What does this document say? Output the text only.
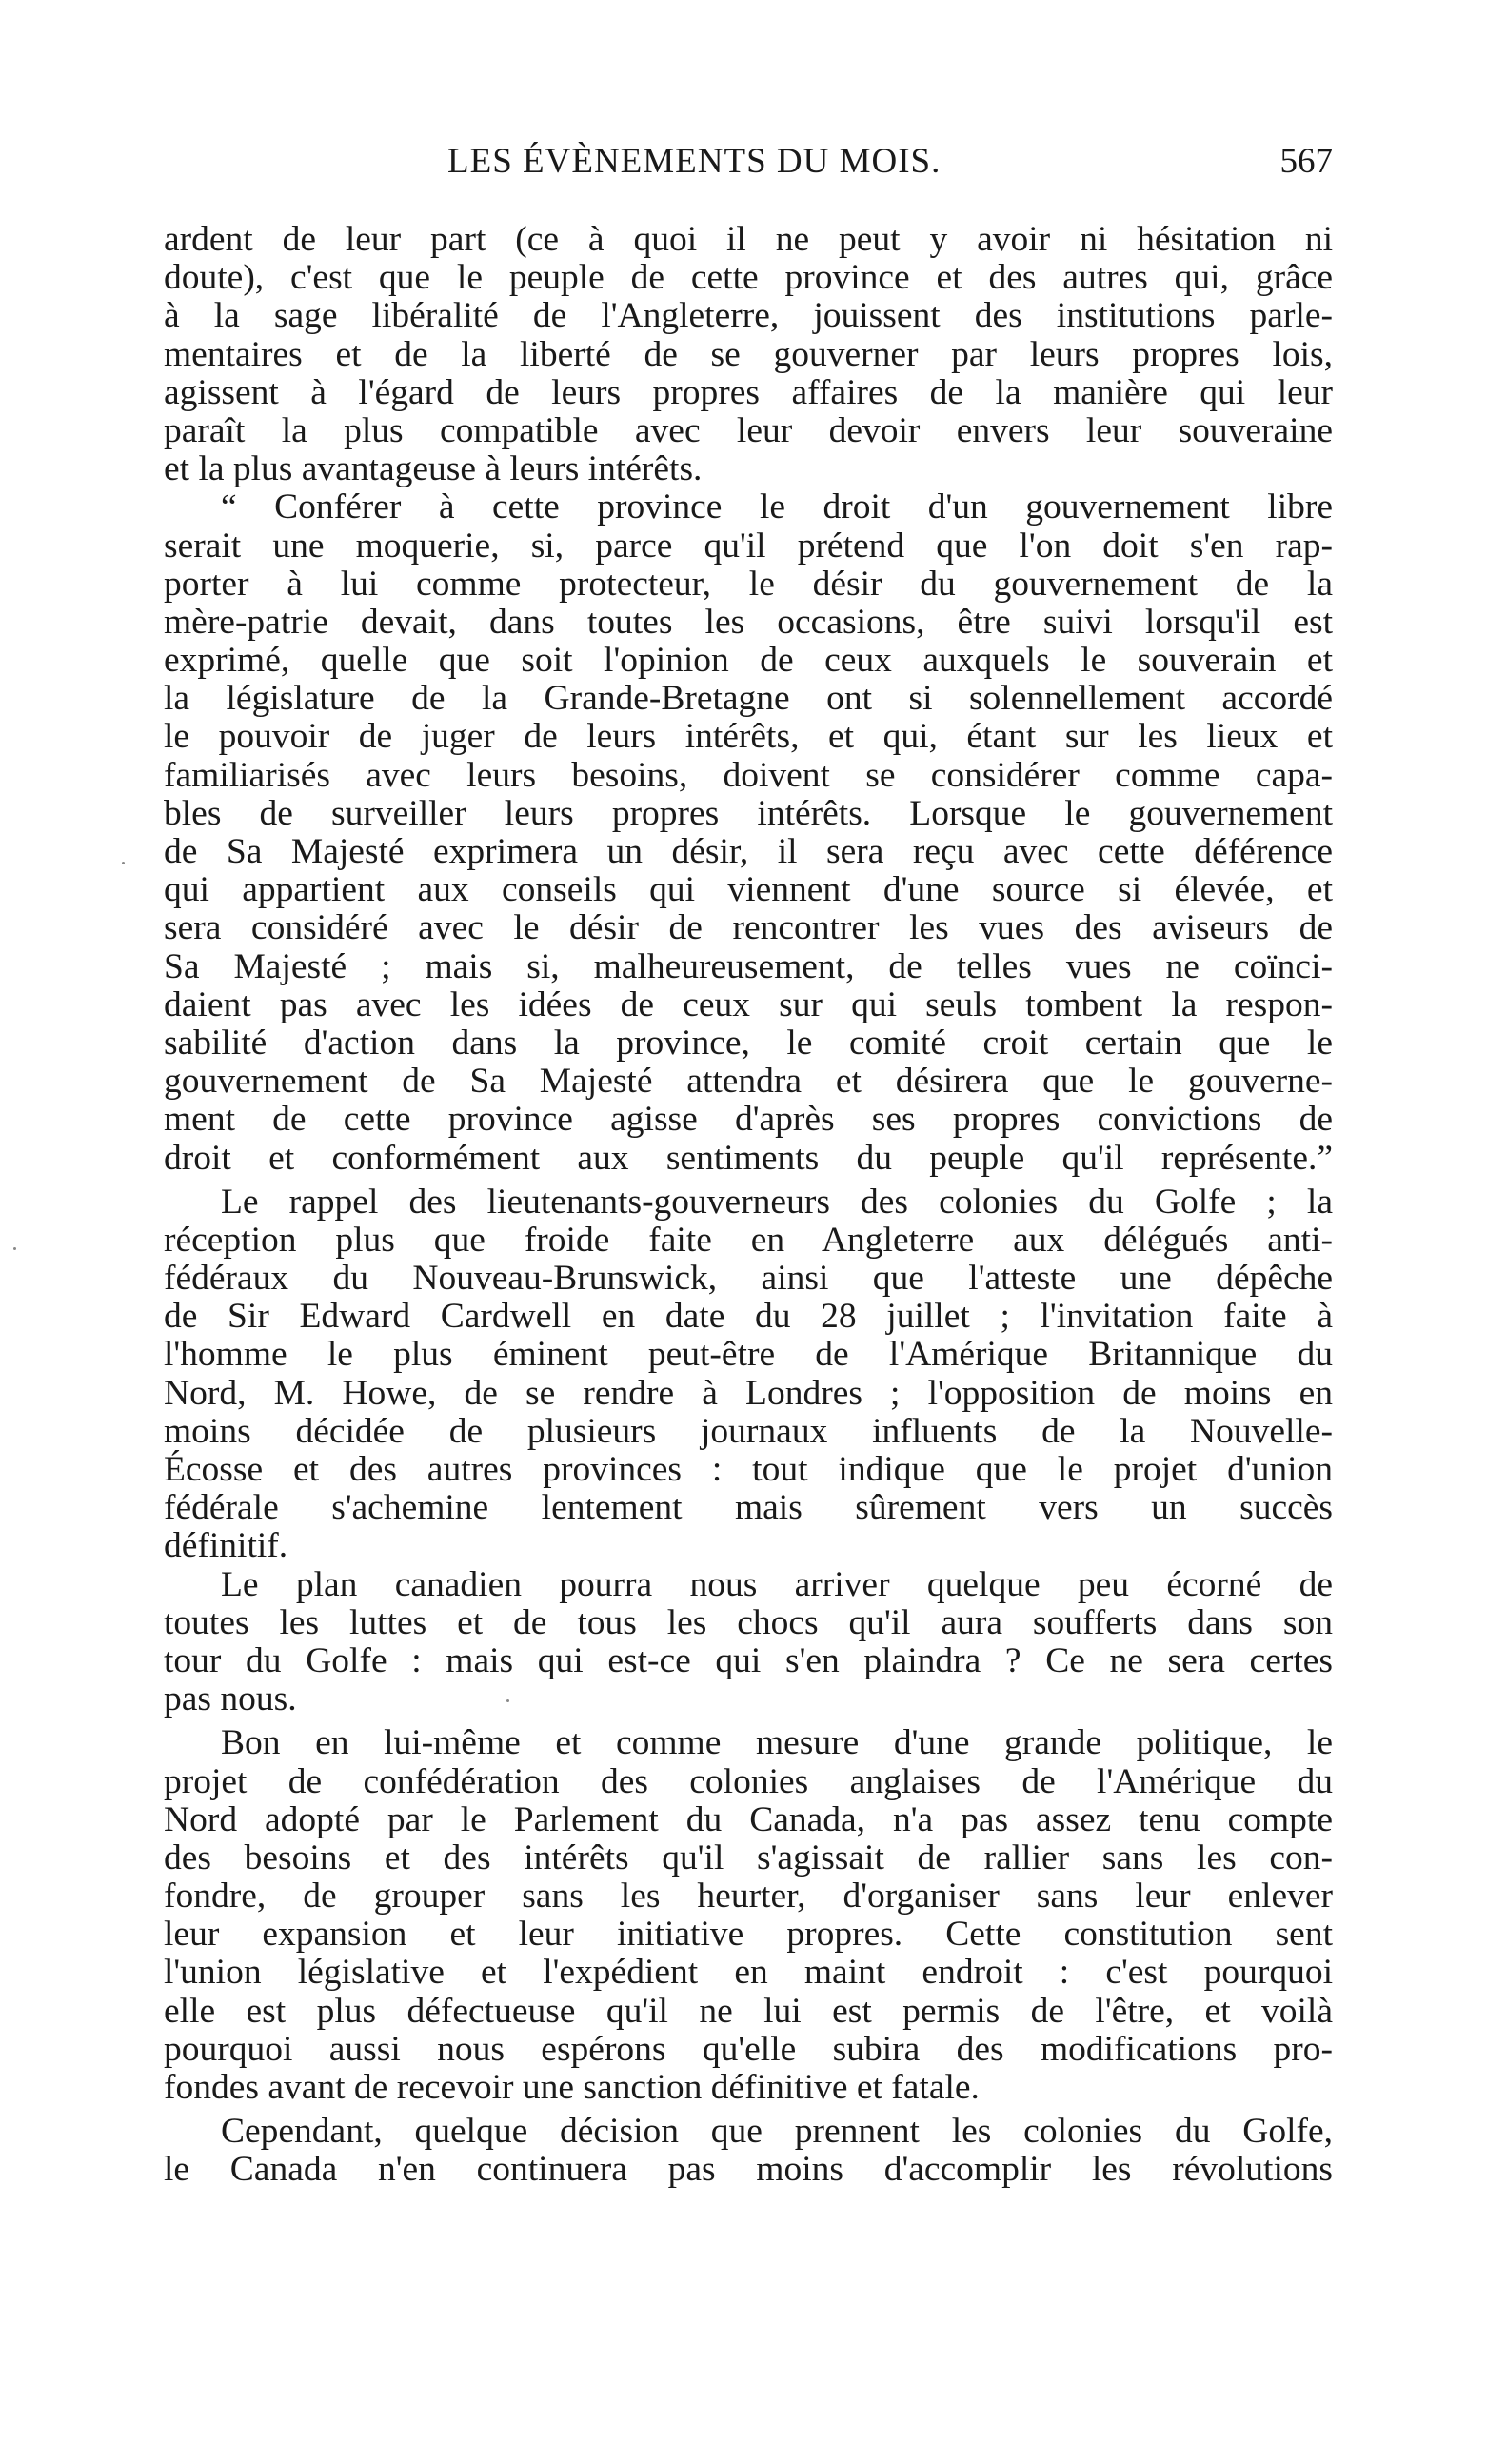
LES ÉVÈNEMENTS DU MOIS.	567
ardent de leur part (ce à quoi il ne peut y avoir ni hésitation ni
doute), c'est que le peuple de cette province et des autres qui, grâce
à la sage libéralité de l'Angleterre, jouissent des institutions parle-
mentaires et de la liberté de se gouverner par leurs propres lois,
agissent à l'égard de leurs propres affaires de la manière qui leur
paraît la plus compatible avec leur devoir envers leur souveraine
et la plus avantageuse à leurs intérêts.
“ Conférer à cette province le droit d'un gouvernement libre
serait une moquerie, si, parce qu'il prétend que l'on doit s'en rap-
porter à lui comme protecteur, le désir du gouvernement de la
mère-patrie devait, dans toutes les occasions, être suivi lorsqu'il est
exprimé, quelle que soit l'opinion de ceux auxquels le souverain et
la législature de la Grande-Bretagne ont si solennellement accordé
le pouvoir de juger de leurs intérêts, et qui, étant sur les lieux et
familiarisés avec leurs besoins, doivent se considérer comme capa-
bles de surveiller leurs propres intérêts. Lorsque le gouvernement
de Sa Majesté exprimera un désir, il sera reçu avec cette déférence
qui appartient aux conseils qui viennent d'une source si élevée, et
sera considéré avec le désir de rencontrer les vues des aviseurs de
Sa Majesté ; mais si, malheureusement, de telles vues ne coïnci-
daient pas avec les idées de ceux sur qui seuls tombent la respon-
sabilité d'action dans la province, le comité croit certain que le
gouvernement de Sa Majesté attendra et désirera que le gouverne-
ment de cette province agisse d'après ses propres convictions de
droit et conformément aux sentiments du peuple qu'il représente.”
Le rappel des lieutenants-gouverneurs des colonies du Golfe ; la
réception plus que froide faite en Angleterre aux délégués anti-
fédéraux du Nouveau-Brunswick, ainsi que l'atteste une dépêche
de Sir Edward Cardwell en date du 28 juillet ; l'invitation faite à
l'homme le plus éminent peut-être de l'Amérique Britannique du
Nord, M. Howe, de se rendre à Londres ; l'opposition de moins en
moins décidée de plusieurs journaux influents de la Nouvelle-
Écosse et des autres provinces : tout indique que le projet d'union
fédérale s'achemine lentement mais sûrement vers un succès
définitif.
Le plan canadien pourra nous arriver quelque peu écorné de
toutes les luttes et de tous les chocs qu'il aura soufferts dans son
tour du Golfe : mais qui est-ce qui s'en plaindra ? Ce ne sera certes
pas nous.
Bon en lui-même et comme mesure d'une grande politique, le
projet de confédération des colonies anglaises de l'Amérique du
Nord adopté par le Parlement du Canada, n'a pas assez tenu compte
des besoins et des intérêts qu'il s'agissait de rallier sans les con-
fondre, de grouper sans les heurter, d'organiser sans leur enlever
leur expansion et leur initiative propres. Cette constitution sent
l'union législative et l'expédient en maint endroit : c'est pourquoi
elle est plus défectueuse qu'il ne lui est permis de l'être, et voilà
pourquoi aussi nous espérons qu'elle subira des modifications pro-
fondes avant de recevoir une sanction définitive et fatale.
Cependant, quelque décision que prennent les colonies du Golfe,
le Canada n'en continuera pas moins d'accomplir les révolutions
